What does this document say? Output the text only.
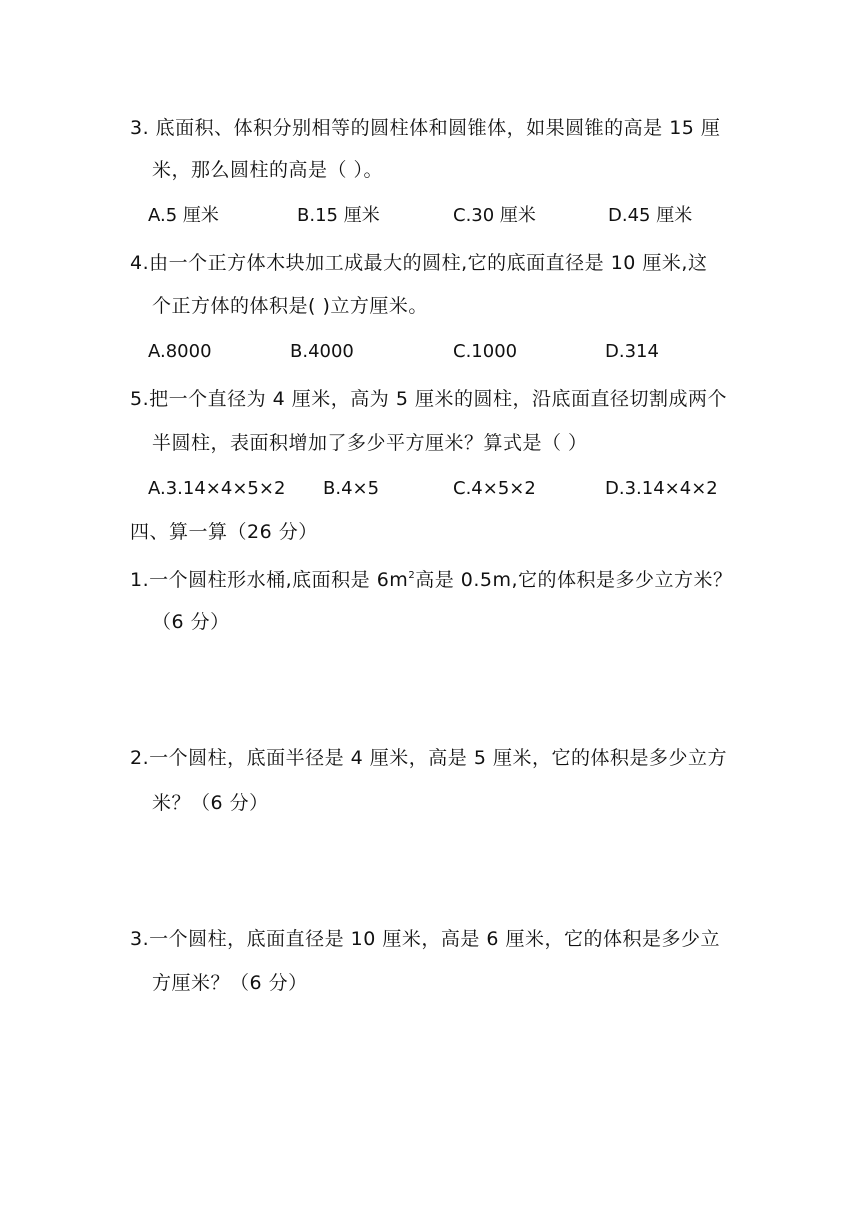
3. 底面积、体积分别相等的圆柱体和圆锥体，如果圆锥的高是 15 厘
米，那么圆柱的高是（ ）。
A.5 厘米	B.15 厘米	C.30 厘米	D.45 厘米
4.由一个正方体木块加工成最大的圆柱,它的底面直径是 10 厘米,这
个正方体的体积是( )立方厘米。
A.8000	B.4000	C.1000	D.314
5.把一个直径为 4 厘米，高为 5 厘米的圆柱，沿底面直径切割成两个
半圆柱，表面积增加了多少平方厘米？算式是（ ）
A.3.14×4×5×2 B.4×5	C.4×5×2	D.3.14×4×2
四、算一算（26 分）
1.一个圆柱形水桶,底面积是 $6m^2$高是 0.5m,它的体积是多少立方米？
（6 分）
2.一个圆柱，底面半径是 4 厘米，高是 5 厘米，它的体积是多少立方
米？（6 分）
3.一个圆柱，底面直径是 10 厘米，高是 6 厘米，它的体积是多少立
方厘米？（6 分）
